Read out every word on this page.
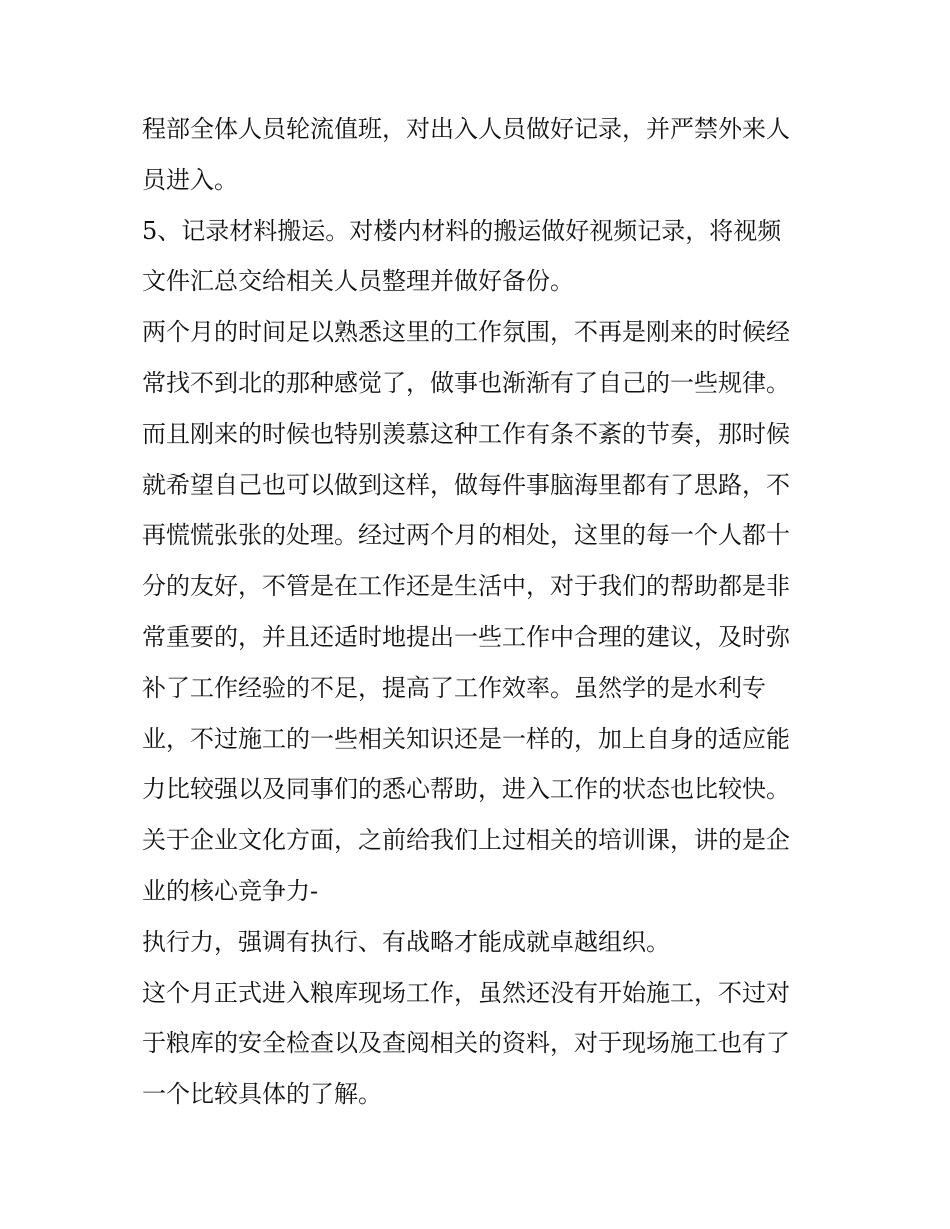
程部全体人员轮流值班，对出入人员做好记录，并严禁外来人
员进入。
5、记录材料搬运。对楼内材料的搬运做好视频记录，将视频
文件汇总交给相关人员整理并做好备份。
两个月的时间足以熟悉这里的工作氛围，不再是刚来的时候经
常找不到北的那种感觉了，做事也渐渐有了自己的一些规律。
而且刚来的时候也特别羡慕这种工作有条不紊的节奏，那时候
就希望自己也可以做到这样，做每件事脑海里都有了思路，不
再慌慌张张的处理。经过两个月的相处，这里的每一个人都十
分的友好，不管是在工作还是生活中，对于我们的帮助都是非
常重要的，并且还适时地提出一些工作中合理的建议，及时弥
补了工作经验的不足，提高了工作效率。虽然学的是水利专
业，不过施工的一些相关知识还是一样的，加上自身的适应能
力比较强以及同事们的悉心帮助，进入工作的状态也比较快。
关于企业文化方面，之前给我们上过相关的培训课，讲的是企
业的核心竞争力-
执行力，强调有执行、有战略才能成就卓越组织。
这个月正式进入粮库现场工作，虽然还没有开始施工，不过对
于粮库的安全检查以及查阅相关的资料，对于现场施工也有了
一个比较具体的了解。
